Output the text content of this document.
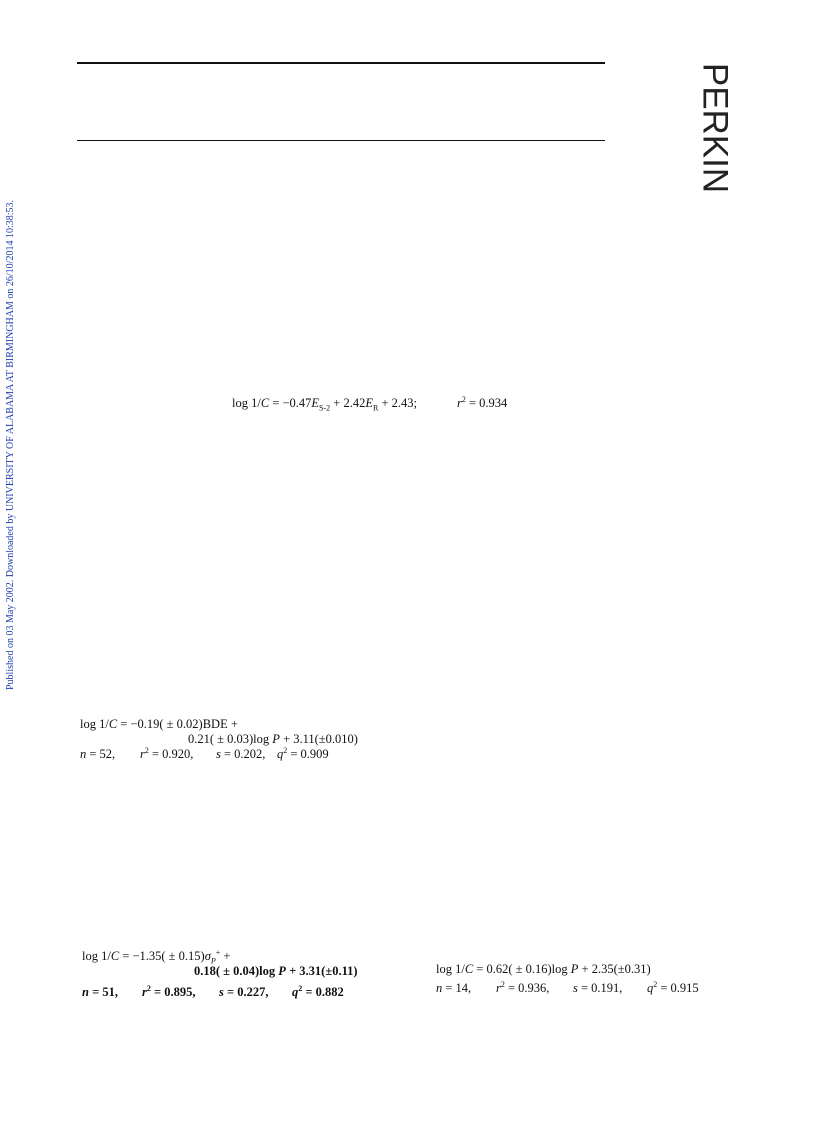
PERKIN
Published on 03 May 2002. Downloaded by UNIVERSITY OF ALABAMA AT BIRMINGHAM on 26/10/2014 10:38:53.	$\log 1/C = -0.47E_{S-2} + 2.42E_R + 2.43$;	$r^2 = 0.934$
log 1/C = −0.19( ± 0.02)BDE +
0.21( ± 0.03)log P + 3.11(±0.010)
n = 52, $r^2 = 0.920$, s = 0.202, $q^2 = 0.909$
$\log 1/C = -1.35( \pm 0.15)\sigma_P^+$ +
0.18( ± 0.04)log P + 3.31(±0.11)
n = 51, $r^2 = 0.895$, s = 0.227, $q^2 = 0.882$
log 1/C = 0.62( ± 0.16)log P + 2.35(±0.31)
n = 14, $r^2 = 0.936$, s = 0.191, $q^2 = 0.915$
